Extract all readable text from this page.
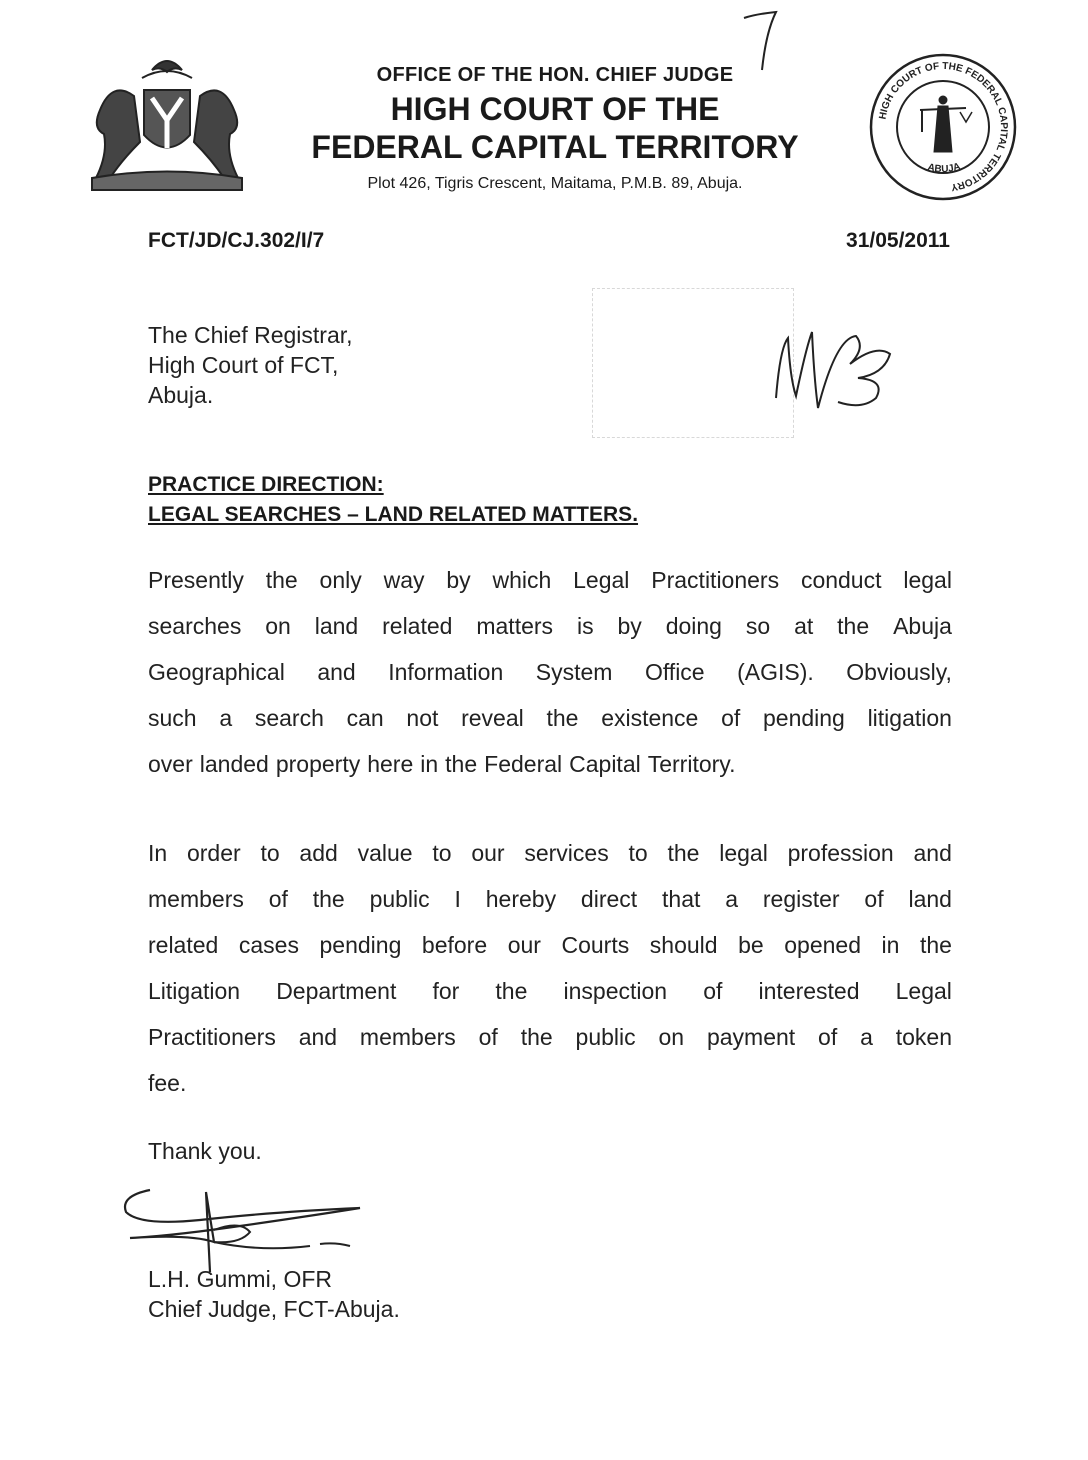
OFFICE OF THE HON. CHIEF JUDGE
HIGH COURT OF THE
FEDERAL CAPITAL TERRITORY
Plot 426, Tigris Crescent, Maitama, P.M.B. 89, Abuja.
HIGH COURT OF THE FEDERAL CAPITAL TERRITORY
ABUJA
FCT/JD/CJ.302/I/7	31/05/2011
The Chief Registrar,
High Court of FCT,
Abuja.
PRACTICE DIRECTION:
LEGAL SEARCHES – LAND RELATED MATTERS.
Presently the only way by which Legal Practitioners conduct legal
searches on land related matters is by doing so at the Abuja
Geographical and Information System Office (AGIS). Obviously,
such a search can not reveal the existence of pending litigation
over landed property here in the Federal Capital Territory.
In order to add value to our services to the legal profession and
members of the public I hereby direct that a register of land
related cases pending before our Courts should be opened in the
Litigation Department for the inspection of interested Legal
Practitioners and members of the public on payment of a token
fee.
Thank you.
L.H. Gummi, OFR
Chief Judge, FCT-Abuja.
